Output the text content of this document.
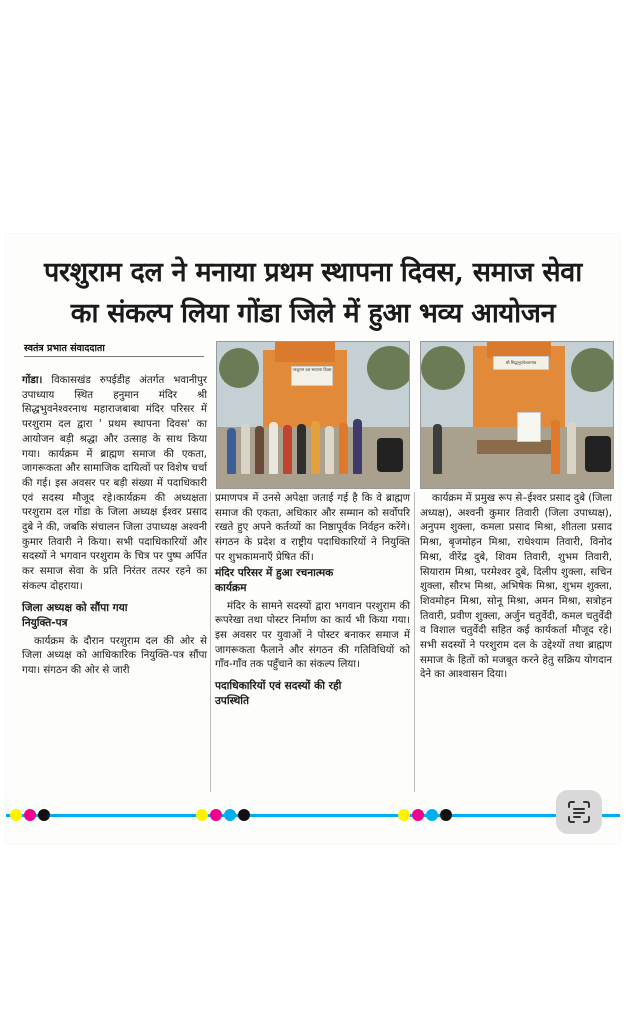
परशुराम दल ने मनाया प्रथम स्थापना दिवस, समाज सेवा
का संकल्प लिया गोंडा जिले में हुआ भव्य आयोजन
स्वतंत्र प्रभात संवाददाता
परशुराम दल स्थापना दिवस
श्री सिद्धभुवनेश्वरनाथ

गोंडा। विकासखंड रुपईडीह अंतर्गत भवानीपुर उपाध्याय स्थित हनुमान मंदिर श्री सिद्धभुवनेश्वरनाथ महाराजबाबा मंदिर परिसर में परशुराम दल द्वारा ' प्रथम स्थापना दिवस' का आयोजन बड़ी श्रद्धा और उत्साह के साथ किया गया। कार्यक्रम में ब्राह्मण समाज की एकता, जागरूकता और सामाजिक दायित्वों पर विशेष चर्चा की गई। इस अवसर पर बड़ी संख्या में पदाधिकारी एवं सदस्य मौजूद रहे।कार्यक्रम की अध्यक्षता परशुराम दल गोंडा के जिला अध्यक्ष ईश्वर प्रसाद दुबे ने की, जबकि संचालन जिला उपाध्यक्ष अश्वनी कुमार तिवारी ने किया। सभी पदाधिकारियों और सदस्यों ने भगवान परशुराम के चित्र पर पुष्प अर्पित कर समाज सेवा के प्रति निरंतर तत्पर रहने का संकल्प दोहराया।

जिला अध्यक्ष को सौंपा गया
नियुक्ति-पत्र

कार्यक्रम के दौरान परशुराम दल की ओर से जिला अध्यक्ष को आधिकारिक नियुक्ति-पत्र सौंपा गया। संगठन की ओर से जारी

प्रमाणपत्र में उनसे अपेक्षा जताई गई है कि वे ब्राह्मण समाज की एकता, अधिकार और सम्मान को सर्वोपरि रखते हुए अपने कर्तव्यों का निष्ठापूर्वक निर्वहन करेंगे। संगठन के प्रदेश व राष्ट्रीय पदाधिकारियों ने नियुक्ति पर शुभकामनाएँ प्रेषित कीं।

मंदिर परिसर में हुआ रचनात्मक
कार्यक्रम

मंदिर के सामने सदस्यों द्वारा भगवान परशुराम की रूपरेखा तथा पोस्टर निर्माण का कार्य भी किया गया। इस अवसर पर युवाओं ने पोस्टर बनाकर समाज में जागरूकता फैलाने और संगठन की गतिविधियों को गाँव-गाँव तक पहुँचाने का संकल्प लिया।

पदाधिकारियों एवं सदस्यों की रही
उपस्थिति

कार्यक्रम में प्रमुख रूप से–ईश्वर प्रसाद दुबे (जिला अध्यक्ष), अश्वनी कुमार तिवारी (जिला उपाध्यक्ष), अनुपम शुक्ला, कमला प्रसाद मिश्रा, शीतला प्रसाद मिश्रा, बृजमोहन मिश्रा, राधेश्याम तिवारी, विनोद मिश्रा, वीरेंद्र दुबे, शिवम तिवारी, शुभम तिवारी, सियाराम मिश्रा, परमेश्वर दुबे, दिलीप शुक्ला, सचिन शुक्ला, सौरभ मिश्रा, अभिषेक मिश्रा, शुभम शुक्ला, शिवमोहन मिश्रा, सोनू मिश्रा, अमन मिश्रा, सत्रोहन तिवारी, प्रवीण शुक्ला, अर्जुन चतुर्वेदी, कमल चतुर्वेदी व विशाल चतुर्वेदी सहित कई कार्यकर्ता मौजूद रहे।सभी सदस्यों ने परशुराम दल के उद्देश्यों तथा ब्राह्मण समाज के हितों को मजबूत करने हेतु सक्रिय योगदान देने का आश्वासन दिया।
